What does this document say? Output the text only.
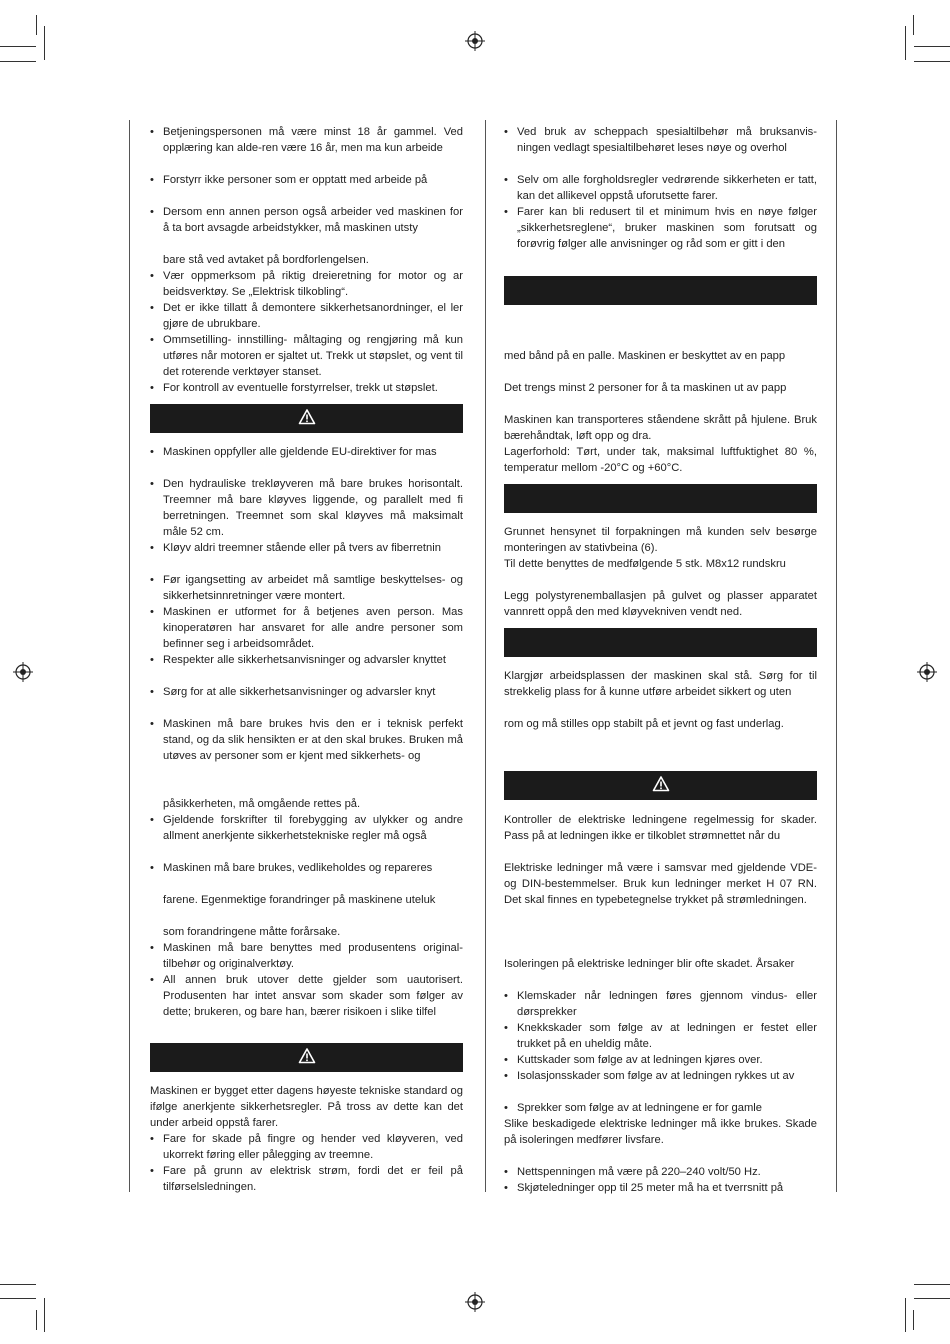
• Betjeningspersonen må være minst 18 år gammel. Ved opplæring kan alde-ren være 16 år, men ma kun arbeide
• Forstyrr ikke personer som er opptatt med arbeide på
• Dersom enn annen person også arbeider ved maskinen for å ta bort avsagde arbeidstykker, må maskinen utsty
bare stå ved avtaket på bordforlengelsen.
• Vær oppmerksom på riktig dreieretning for motor og ar beidsverktøy. Se „Elektrisk tilkobling“.
• Det er ikke tillatt å demontere sikkerhetsanordninger, el ler gjøre de ubrukbare.
• Ommsetilling- innstilling- måltaging og rengjøring må kun utføres når motoren er sjaltet ut. Trekk ut støpslet, og vent til det roterende verktøyer stanset.
• For kontroll av eventuelle forstyrrelser, trekk ut støpslet.
• Maskinen oppfyller alle gjeldende EU-direktiver for mas
• Den hydrauliske trekløyveren må bare brukes horisontalt. Treemner må bare kløyves liggende, og parallelt med fi berretningen. Treemnet som skal kløyves må maksimalt måle 52 cm.
• Kløyv aldri treemner stående eller på tvers av fiberretnin
• Før igangsetting av arbeidet må samtlige beskyttelses- og sikkerhetsinnretninger være montert.
• Maskinen er utformet for å betjenes aven person. Mas kinoperatøren har ansvaret for alle andre personer som befinner seg i arbeidsområdet.
• Respekter alle sikkerhetsanvisninger og advarsler knyttet
• Sørg for at alle sikkerhetsanvisninger og advarsler knyt
• Maskinen må bare brukes hvis den er i teknisk perfekt stand, og da slik hensikten er at den skal brukes. Bruken må utøves av personer som er kjent med sikkerhets- og
påsikkerheten, må omgående rettes på.
• Gjeldende forskrifter til forebygging av ulykker og andre allment anerkjente sikkerhetstekniske regler må også
• Maskinen må bare brukes, vedlikeholdes og repareres
farene. Egenmektige forandringer på maskinene uteluk
som forandringene måtte forårsake.
• Maskinen må bare benyttes med produsentens original- tilbehør og originalverktøy.
• All annen bruk utover dette gjelder som uautorisert. Produsenten har intet ansvar som skader som følger av dette; brukeren, og bare han, bærer risikoen i slike tilfel
Maskinen er bygget etter dagens høyeste tekniske standard og ifølge anerkjente sikkerhetsregler. På tross av dette kan det under arbeid oppstå farer.
• Fare for skade på fingre og hender ved kløyveren, ved ukorrekt føring eller pålegging av treemne.
• Fare på grunn av elektrisk strøm, fordi det er feil på tilførselsledningen.
• Ved bruk av scheppach spesialtilbehør må bruksanvis- ningen vedlagt spesialtilbehøret leses nøye og overhol
• Selv om alle forgholdsregler vedrørende sikkerheten er tatt, kan det allikevel oppstå uforutsette farer.
• Farer kan bli redusert til et minimum hvis en nøye følger „sikkerhetsreglene“, bruker maskinen som forutsatt og forøvrig følger alle anvisninger og råd som er gitt i den
med bånd på en palle. Maskinen er beskyttet av en papp
Det trengs minst 2 personer for å ta maskinen ut av papp
Maskinen kan transporteres ståendene skrått på hjulene. Bruk bærehåndtak, løft opp og dra.
Lagerforhold: Tørt, under tak, maksimal luftfuktighet 80 %, temperatur mellom -20°C og +60°C.
Grunnet hensynet til forpakningen må kunden selv besørge monteringen av stativbeina (6).
Til dette benyttes de medfølgende 5 stk. M8x12 rundskru
Legg polystyrenemballasjen på gulvet og plasser apparatet vannrett oppå den med kløyvekniven vendt ned.
Klargjør arbeidsplassen der maskinen skal stå. Sørg for til strekkelig plass for å kunne utføre arbeidet sikkert og uten
rom og må stilles opp stabilt på et jevnt og fast underlag.
Kontroller de elektriske ledningene regelmessig for skader. Pass på at ledningen ikke er tilkoblet strømnettet når du
Elektriske ledninger må være i samsvar med gjeldende VDE- og DIN-bestemmelser. Bruk kun ledninger merket H 07 RN. Det skal finnes en typebetegnelse trykket på strømledningen.
Isoleringen på elektriske ledninger blir ofte skadet. Årsaker
• Klemskader når ledningen føres gjennom vindus- eller dørsprekker
• Knekkskader som følge av at ledningen er festet eller trukket på en uheldig måte.
• Kuttskader som følge av at ledningen kjøres over.
• Isolasjonsskader som følge av at ledningen rykkes ut av
• Sprekker som følge av at ledningene er for gamle
Slike beskadigede elektriske ledninger må ikke brukes. Skade på isoleringen medfører livsfare.
• Nettspenningen må være på 220–240 volt/50 Hz.
• Skjøteledninger opp til 25 meter må ha et tverrsnitt på
